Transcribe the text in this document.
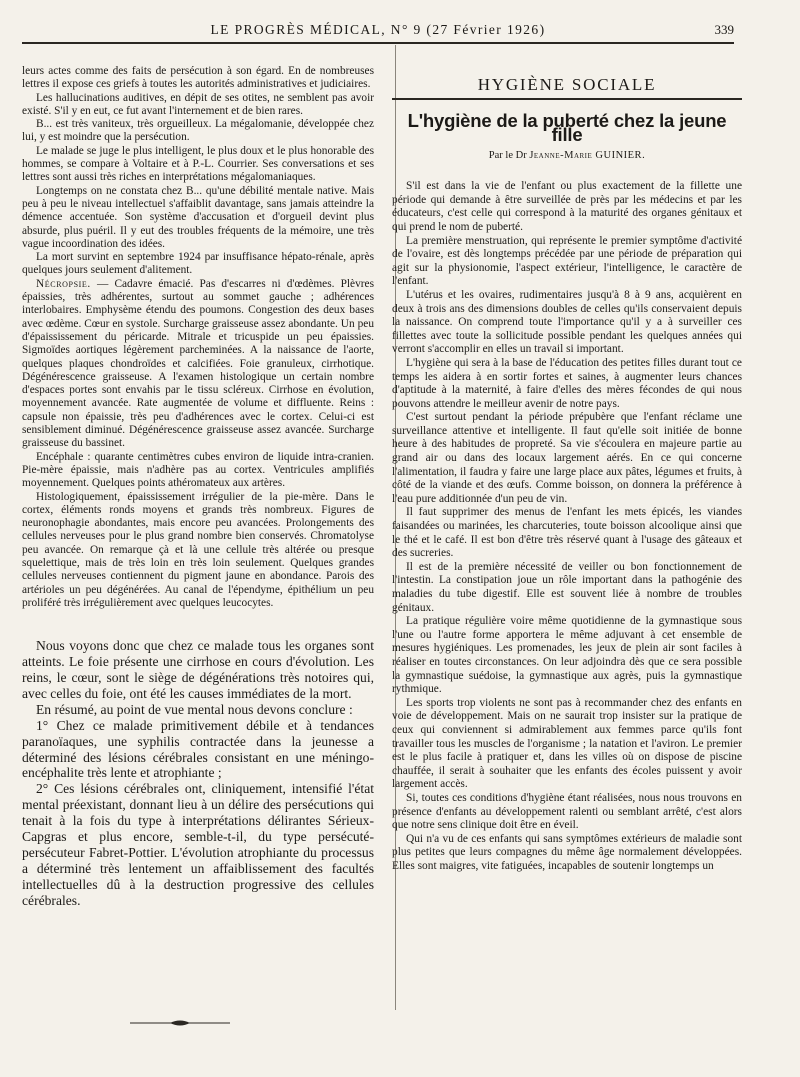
LE PROGRÈS MÉDICAL, N° 9 (27 Février 1926)	339

leurs actes comme des faits de persécution à son égard. En de nombreuses lettres il expose ces griefs à toutes les autorités administratives et judiciaires.

Les hallucinations auditives, en dépit de ses otites, ne semblent pas avoir existé. S'il y en eut, ce fut avant l'internement et de bien rares.

B... est très vaniteux, très orgueilleux. La mégalomanie, développée chez lui, y est moindre que la persécution.

Le malade se juge le plus intelligent, le plus doux et le plus honorable des hommes, se compare à Voltaire et à P.-L. Courrier. Ses conversations et ses lettres sont aussi très riches en interprétations mégalomaniaques.

Longtemps on ne constata chez B... qu'une débilité mentale native. Mais peu à peu le niveau intellectuel s'affaiblit davantage, sans jamais atteindre la démence accentuée. Son système d'accusation et d'orgueil devint plus absurde, plus puéril. Il y eut des troubles fréquents de la mémoire, une très vague incoordination des idées.

La mort survint en septembre 1924 par insuffisance hépato-rénale, après quelques jours seulement d'alitement.

Nécropsie. — Cadavre émacié. Pas d'escarres ni d'œdèmes. Plèvres épaissies, très adhérentes, surtout au sommet gauche ; adhérences interlobaires. Emphysème étendu des poumons. Congestion des deux bases avec œdème. Cœur en systole. Surcharge graisseuse assez abondante. Un peu d'épaississement du péricarde. Mitrale et tricuspide un peu épaissies. Sigmoïdes aortiques légèrement parcheminées. A la naissance de l'aorte, quelques plaques chondroïdes et calcifiées. Foie granuleux, cirrhotique. Dégénérescence graisseuse. A l'examen histologique un certain nombre d'espaces portes sont envahis par le tissu scléreux. Cirrhose en évolution, moyennement avancée. Rate augmentée de volume et diffluente. Reins : capsule non épaissie, très peu d'adhérences avec le cortex. Celui-ci est sensiblement diminué. Dégénérescence graisseuse assez avancée. Surcharge graisseuse du bassinet.

Encéphale : quarante centimètres cubes environ de liquide intra-cranien. Pie-mère épaissie, mais n'adhère pas au cortex. Ventricules amplifiés moyennement. Quelques points athéromateux aux artères.

Histologiquement, épaississement irrégulier de la pie-mère. Dans le cortex, éléments ronds moyens et grands très nombreux. Figures de neuronophagie abondantes, mais encore peu avancées. Prolongements des cellules nerveuses pour le plus grand nombre bien conservés. Chromatolyse peu avancée. On remarque çà et là une cellule très altérée ou presque squelettique, mais de très loin en très loin seulement. Quelques grandes cellules nerveuses contiennent du pigment jaune en abondance. Parois des artérioles un peu dégénérées. Au canal de l'épendyme, épithélium un peu proliféré très irrégulièrement avec quelques leucocytes.

Nous voyons donc que chez ce malade tous les organes sont atteints. Le foie présente une cirrhose en cours d'évolution. Les reins, le cœur, sont le siège de dégénérations très notoires qui, avec celles du foie, ont été les causes immédiates de la mort.

En résumé, au point de vue mental nous devons conclure :

1° Chez ce malade primitivement débile et à tendances paranoïaques, une syphilis contractée dans la jeunesse a déterminé des lésions cérébrales consistant en une méningo-encéphalite très lente et atrophiante ;

2° Ces lésions cérébrales ont, cliniquement, intensifié l'état mental préexistant, donnant lieu à un délire des persécutions qui tenait à la fois du type à interprétations délirantes Sérieux-Capgras et plus encore, semble-t-il, du type persécuté-persécuteur Fabret-Pottier. L'évolution atrophiante du processus a déterminé très lentement un affaiblissement des facultés intellectuelles dû à la destruction progressive des cellules cérébrales.

HYGIÈNE SOCIALE
L'hygiène de la puberté chez la jeune fille
Par le Dr Jeanne-Marie GUINIER.

S'il est dans la vie de l'enfant ou plus exactement de la fillette une période qui demande à être surveillée de près par les médecins et par les éducateurs, c'est celle qui correspond à la maturité des organes génitaux et qui prend le nom de puberté.

La première menstruation, qui représente le premier symptôme d'activité de l'ovaire, est dès longtemps précédée par une période de préparation qui agit sur la physionomie, l'aspect extérieur, l'intelligence, le caractère de l'enfant.

L'utérus et les ovaires, rudimentaires jusqu'à 8 à 9 ans, acquièrent en deux à trois ans des dimensions doubles de celles qu'ils conservaient depuis la naissance. On comprend toute l'importance qu'il y a à surveiller ces fillettes avec toute la sollicitude possible pendant les quelques années qui verront s'accomplir en elles un travail si important.

L'hygiène qui sera à la base de l'éducation des petites filles durant tout ce temps les aidera à en sortir fortes et saines, à augmenter leurs chances d'aptitude à la maternité, à faire d'elles des mères fécondes de qui nous pouvons attendre le meilleur avenir de notre pays.

C'est surtout pendant la période prépubère que l'enfant réclame une surveillance attentive et intelligente. Il faut qu'elle soit initiée de bonne heure à des habitudes de propreté. Sa vie s'écoulera en majeure partie au grand air ou dans des locaux largement aérés. En ce qui concerne l'alimentation, il faudra y faire une large place aux pâtes, légumes et fruits, à côté de la viande et des œufs. Comme boisson, on donnera la préférence à l'eau pure additionnée d'un peu de vin.

Il faut supprimer des menus de l'enfant les mets épicés, les viandes faisandées ou marinées, les charcuteries, toute boisson alcoolique ainsi que le thé et le café. Il est bon d'être très réservé quant à l'usage des gâteaux et des sucreries.

Il est de la première nécessité de veiller ou bon fonctionnement de l'intestin. La constipation joue un rôle important dans la pathogénie des maladies du tube digestif. Elle est souvent liée à nombre de troubles génitaux.

La pratique régulière voire même quotidienne de la gymnastique sous l'une ou l'autre forme apportera le même adjuvant à cet ensemble de mesures hygiéniques. Les promenades, les jeux de plein air sont faciles à réaliser en toutes circonstances. On leur adjoindra dès que ce sera possible la gymnastique suédoise, la gymnastique aux agrès, puis la gymnastique rythmique.

Les sports trop violents ne sont pas à recommander chez des enfants en voie de développement. Mais on ne saurait trop insister sur la pratique de ceux qui conviennent si admirablement aux femmes parce qu'ils font travailler tous les muscles de l'organisme ; la natation et l'aviron. Le premier est le plus facile à pratiquer et, dans les villes où on dispose de piscine chauffée, il serait à souhaiter que les enfants des écoles puissent y avoir largement accès.

Si, toutes ces conditions d'hygiène étant réalisées, nous nous trouvons en présence d'enfants au développement ralenti ou semblant arrêté, c'est alors que notre sens clinique doit être en éveil.

Qui n'a vu de ces enfants qui sans symptômes extérieurs de maladie sont plus petites que leurs compagnes du même âge normalement développées. Elles sont maigres, vite fatiguées, incapables de soutenir longtemps un
